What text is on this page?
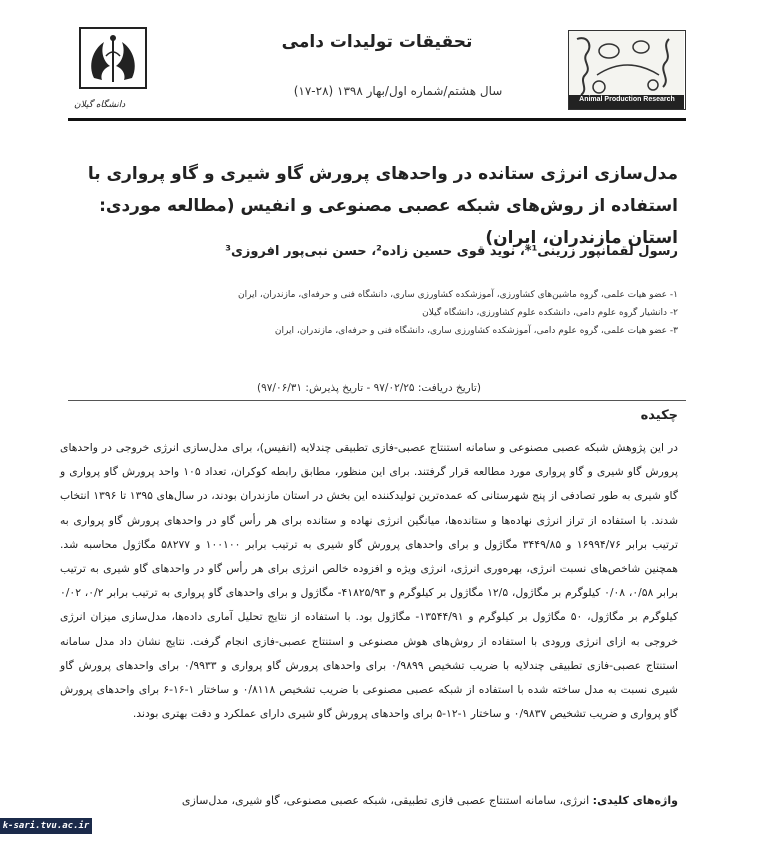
دانشگاه گیلان
تحقیقات تولیدات دامی
سال هشتم/شماره اول/بهار ۱۳۹۸ (۲۸-۱۷)
Animal Production Research
مدل‌سازی انرژی ستانده در واحدهای پرورش گاو شیری و گاو پرواری با استفاده از روش‌های شبکه عصبی مصنوعی و انفیس (مطالعه موردی: استان مازندران، ایران)
رسول لقمانپور زرینی¹*، نوید قوی حسین زاده²، حسن نبی‌پور افروزی³
۱- عضو هیات علمی، گروه ماشین‌های کشاورزی، آموزشکده کشاورزی ساری، دانشگاه فنی و حرفه‌ای، مازندران، ایران
۲- دانشیار گروه علوم دامی، دانشکده علوم کشاورزی، دانشگاه گیلان
۳- عضو هیات علمی، گروه علوم دامی، آموزشکده کشاورزی ساری، دانشگاه فنی و حرفه‌ای، مازندران، ایران
(تاریخ دریافت: ۹۷/۰۲/۲۵ - تاریخ پذیرش: ۹۷/۰۶/۳۱)
چکیده
در این پژوهش شبکه عصبی مصنوعی و سامانه استنتاج عصبی-فازی تطبیقی چندلایه (انفیس)، برای مدل‌سازی انرژی خروجی در واحدهای پرورش گاو شیری و گاو پرواری مورد مطالعه قرار گرفتند. برای این منظور، مطابق رابطه کوکران، تعداد ۱۰۵ واحد پرورش گاو پرواری و گاو شیری به طور تصادفی از پنج شهرستانی که عمده‌ترین تولیدکننده این بخش در استان مازندران بودند، در سال‌های ۱۳۹۵ تا ۱۳۹۶ انتخاب شدند. با استفاده از تراز انرژی نهاده‌ها و ستانده‌ها، میانگین انرژی نهاده و ستانده برای هر رأس گاو در واحدهای پرورش گاو پرواری به ترتیب برابر ۱۶۹۹۴/۷۶ و ۳۴۴۹/۸۵ مگاژول و برای واحدهای پرورش گاو شیری به ترتیب برابر ۱۰۰۱۰۰ و ۵۸۲۷۷ مگاژول محاسبه شد. همچنین شاخص‌های نسبت انرژی، بهره‌وری انرژی، انرژی ویژه و افزوده خالص انرژی برای هر رأس گاو در واحدهای گاو شیری به ترتیب برابر ۰/۵۸، ۰/۰۸ کیلوگرم بر مگاژول، ۱۲/۵ مگاژول بر کیلوگرم و ۴۱۸۲۵/۹۳- مگاژول و برای واحدهای گاو پرواری به ترتیب برابر ۰/۲، ۰/۰۲ کیلوگرم بر مگاژول، ۵۰ مگاژول بر کیلوگرم و ۱۳۵۴۴/۹۱- مگاژول بود. با استفاده از نتایج تحلیل آماری داده‌ها، مدل‌سازی میزان انرژی خروجی به ازای انرژی ورودی با استفاده از روش‌های هوش مصنوعی و استنتاج عصبی-فازی انجام گرفت. نتایج نشان داد مدل سامانه استنتاج عصبی-فازی تطبیقی چندلایه با ضریب تشخیص ۰/۹۸۹۹ برای واحدهای پرورش گاو پرواری و ۰/۹۹۳۳ برای واحدهای پرورش گاو شیری نسبت به مدل ساخته شده با استفاده از شبکه عصبی مصنوعی با ضریب تشخیص ۰/۸۱۱۸ و ساختار ۱-۱۶-۶ برای واحدهای پرورش گاو پرواری و ضریب تشخیص ۰/۹۸۳۷ و ساختار ۱-۱۲-۵ برای واحدهای پرورش گاو شیری دارای عملکرد و دقت بهتری بودند.
واژه‌های کلیدی: انرژی، سامانه استنتاج عصبی فازی تطبیقی، شبکه عصبی مصنوعی، گاو شیری، مدل‌سازی
k-sari.tvu.ac.ir
